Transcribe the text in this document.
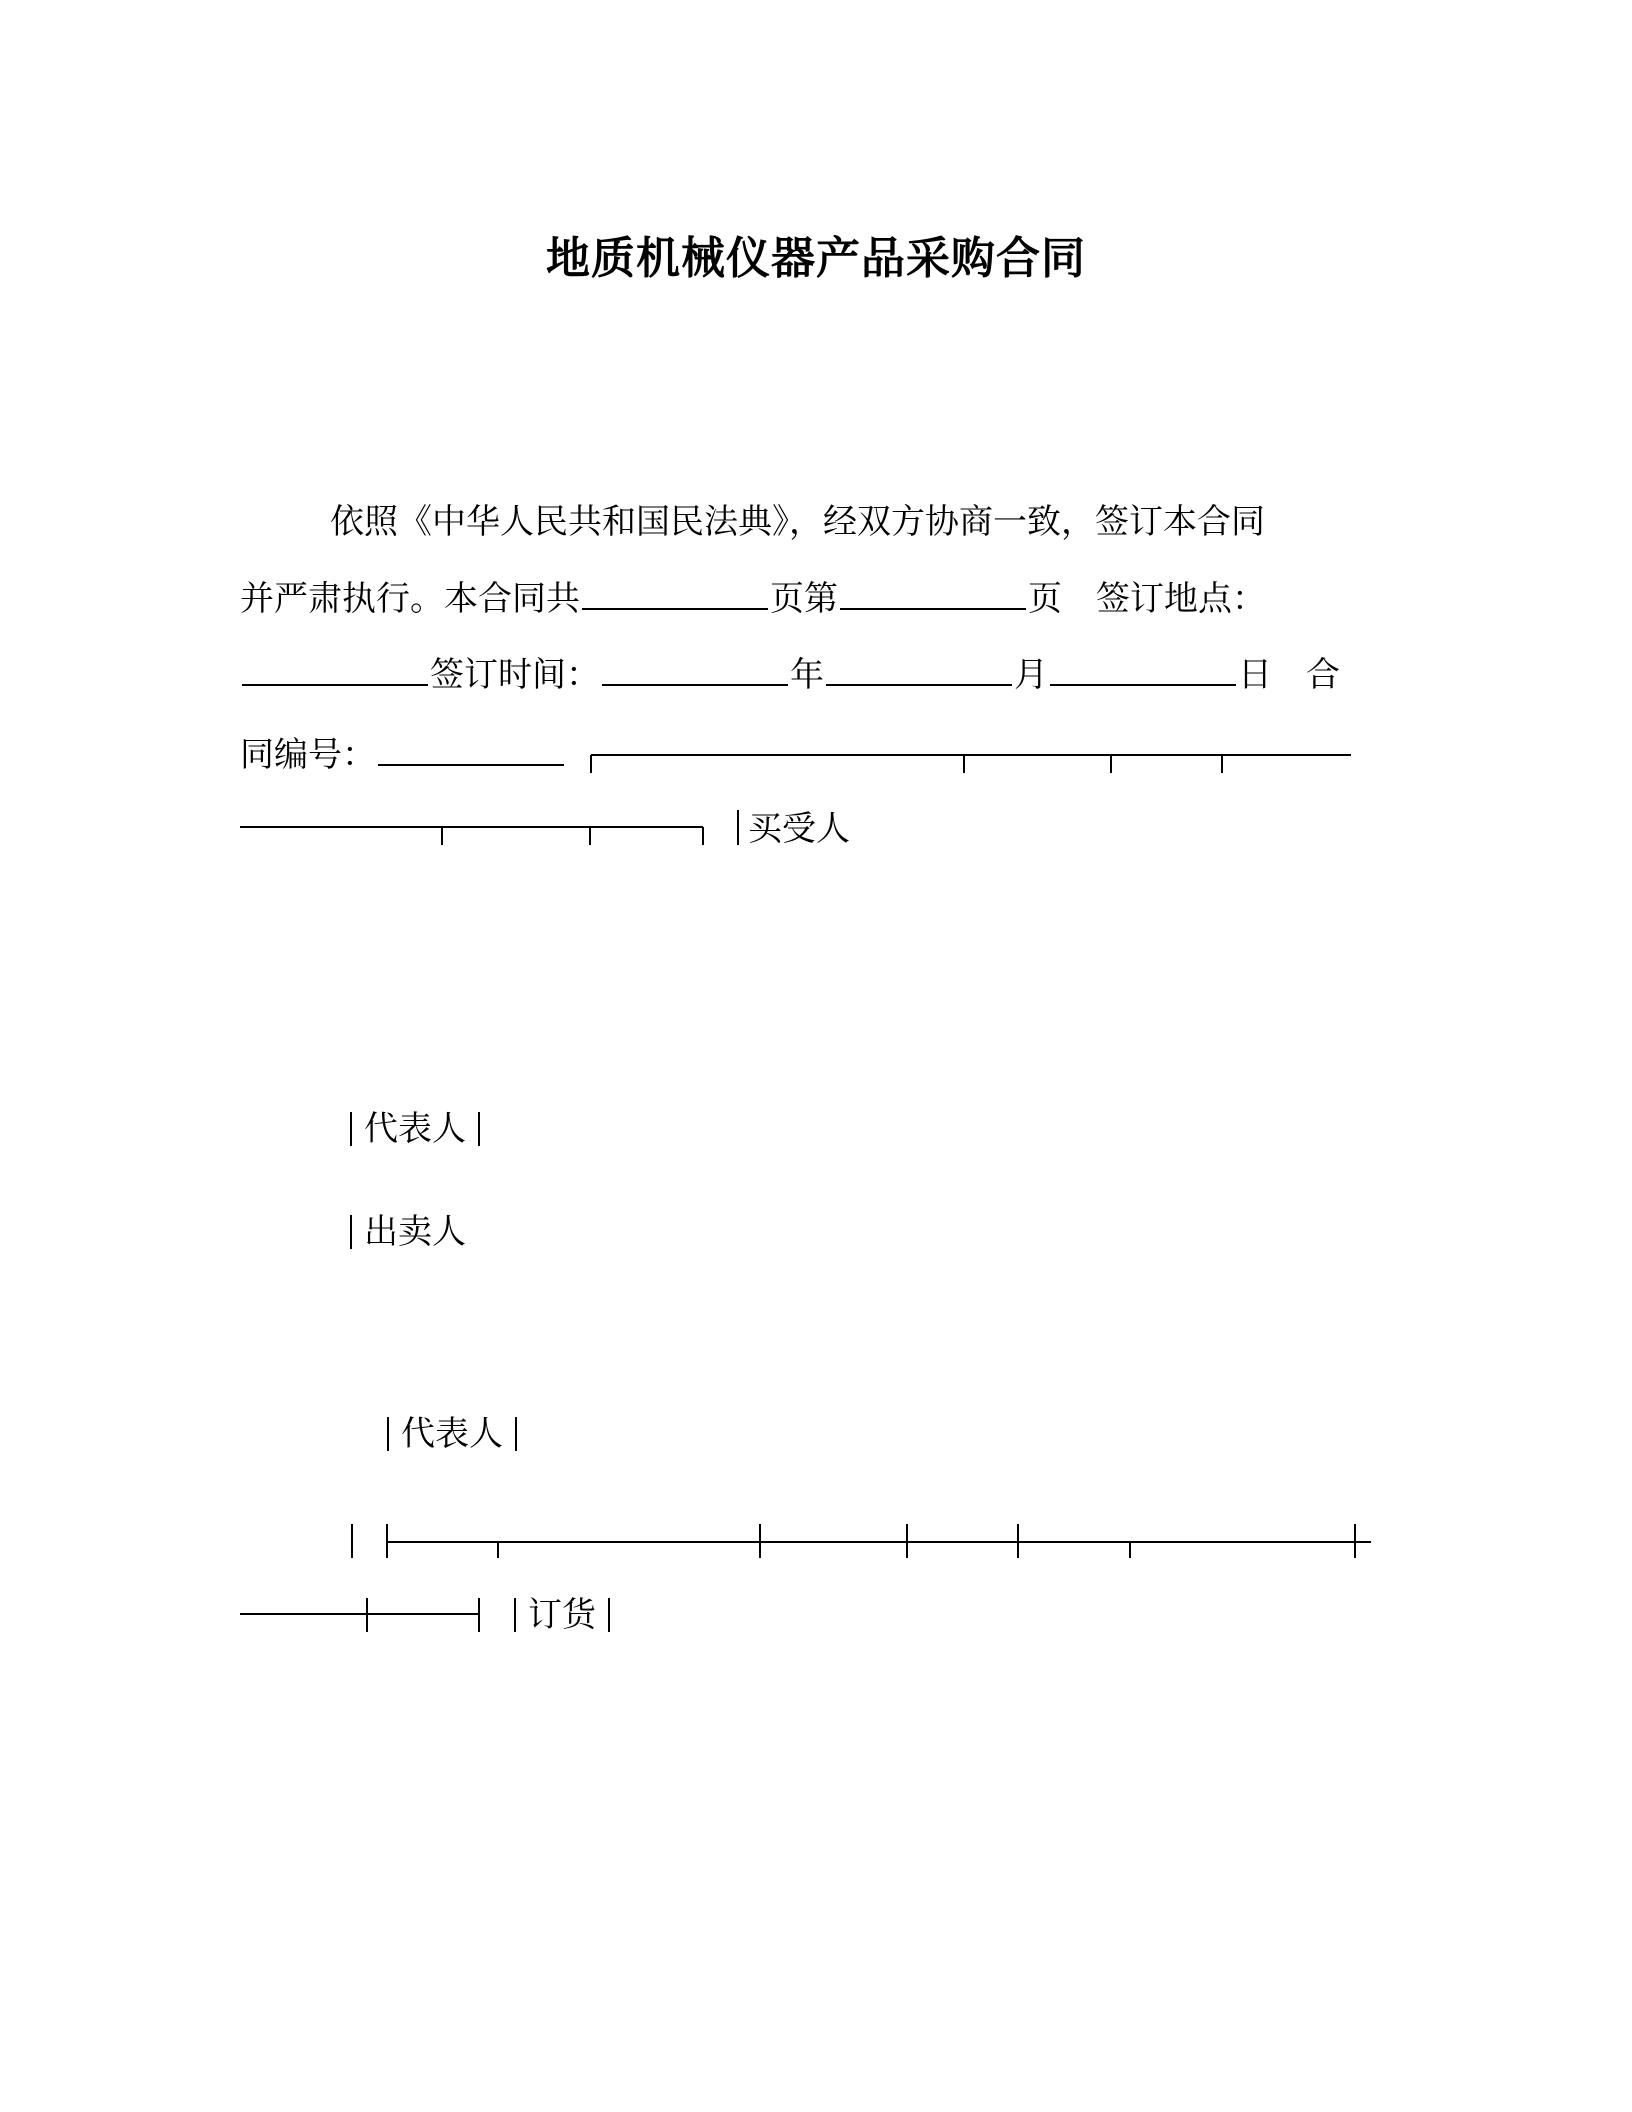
地质机械仪器产品采购合同
依照《中华人民共和国民法典》，经双方协商一致，签订本合同
并严肃执行。本合同共	页第	页 签订地点：
签订时间：	年	月	日 合
同编号：
买受人
代表人
出卖人
代表人
订货
